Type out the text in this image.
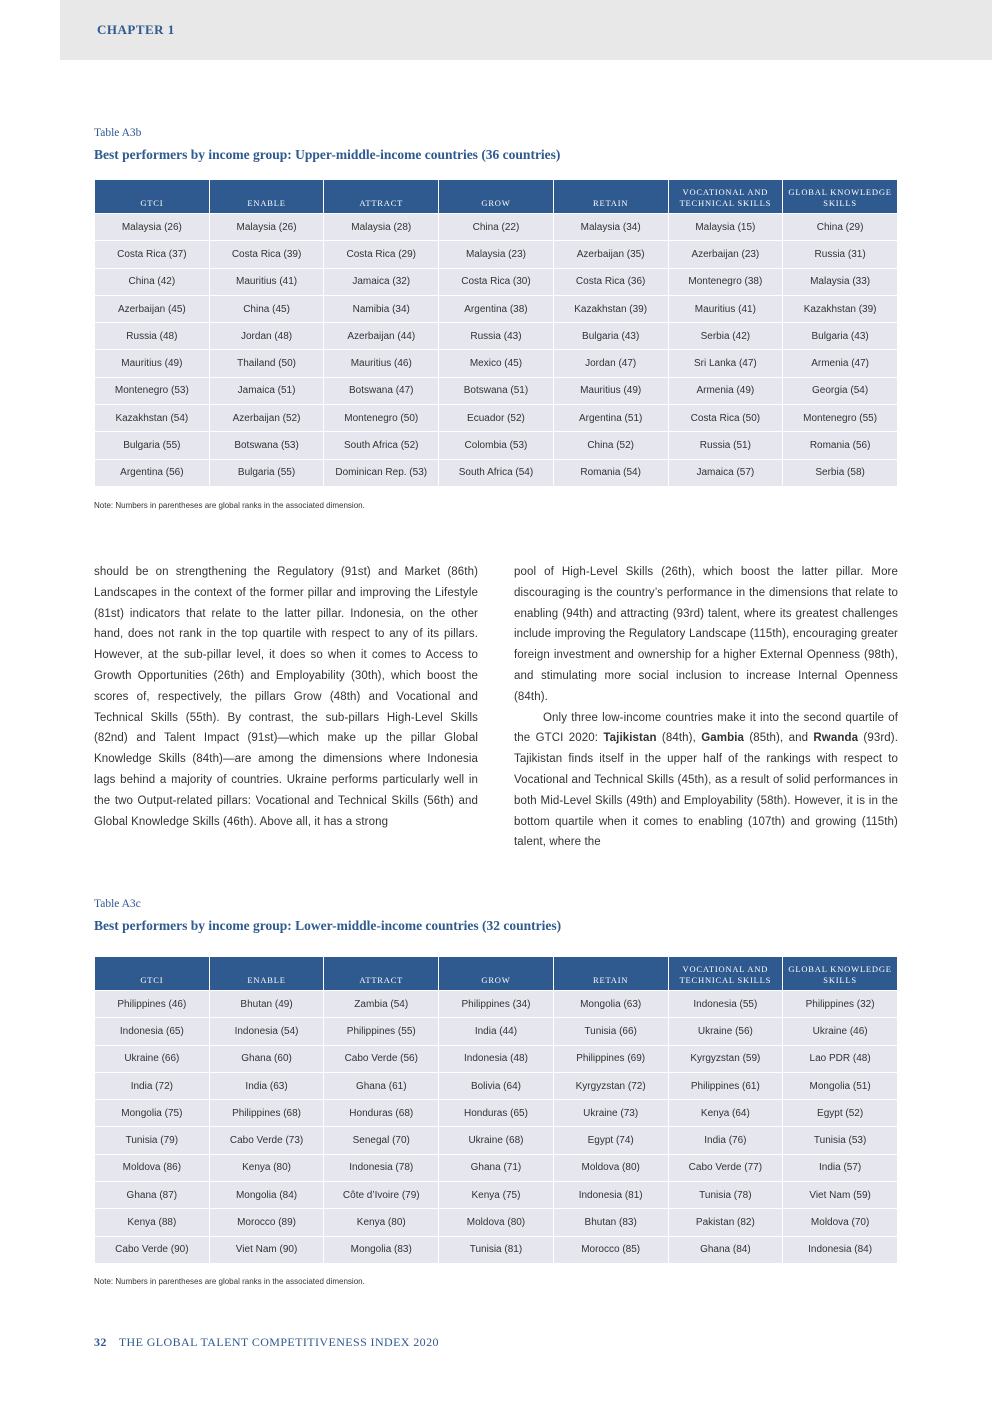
CHAPTER 1
Table A3b
Best performers by income group: Upper-middle-income countries (36 countries)
GTCI	ENABLE	ATTRACT	GROW	RETAIN	VOCATIONAL AND TECHNICAL SKILLS	GLOBAL KNOWLEDGE SKILLS
Malaysia (26)	Malaysia (26)	Malaysia (28)	China (22)	Malaysia (34)	Malaysia (15)	China (29)
Costa Rica (37)	Costa Rica (39)	Costa Rica (29)	Malaysia (23)	Azerbaijan (35)	Azerbaijan (23)	Russia (31)
China (42)	Mauritius (41)	Jamaica (32)	Costa Rica (30)	Costa Rica (36)	Montenegro (38)	Malaysia (33)
Azerbaijan (45)	China (45)	Namibia (34)	Argentina (38)	Kazakhstan (39)	Mauritius (41)	Kazakhstan (39)
Russia (48)	Jordan (48)	Azerbaijan (44)	Russia (43)	Bulgaria (43)	Serbia (42)	Bulgaria (43)
Mauritius (49)	Thailand (50)	Mauritius (46)	Mexico (45)	Jordan (47)	Sri Lanka (47)	Armenia (47)
Montenegro (53)	Jamaica (51)	Botswana (47)	Botswana (51)	Mauritius (49)	Armenia (49)	Georgia (54)
Kazakhstan (54)	Azerbaijan (52)	Montenegro (50)	Ecuador (52)	Argentina (51)	Costa Rica (50)	Montenegro (55)
Bulgaria (55)	Botswana (53)	South Africa (52)	Colombia (53)	China (52)	Russia (51)	Romania (56)
Argentina (56)	Bulgaria (55)	Dominican Rep. (53)	South Africa (54)	Romania (54)	Jamaica (57)	Serbia (58)
Note: Numbers in parentheses are global ranks in the associated dimension.

should be on strengthening the Regulatory (91st) and Market (86th) Landscapes in the context of the former pillar and improving the Lifestyle (81st) indicators that relate to the latter pillar. Indonesia, on the other hand, does not rank in the top quartile with respect to any of its pillars. However, at the sub-pillar level, it does so when it comes to Access to Growth Opportunities (26th) and Employability (30th), which boost the scores of, respectively, the pillars Grow (48th) and Vocational and Technical Skills (55th). By contrast, the sub-pillars High-Level Skills (82nd) and Talent Impact (91st)—which make up the pillar Global Knowledge Skills (84th)—are among the dimensions where Indonesia lags behind a majority of countries. Ukraine performs particularly well in the two Output-related pillars: Vocational and Technical Skills (56th) and Global Knowledge Skills (46th). Above all, it has a strong

pool of High-Level Skills (26th), which boost the latter pillar. More discouraging is the country’s performance in the dimensions that relate to enabling (94th) and attracting (93rd) talent, where its greatest challenges include improving the Regulatory Landscape (115th), encouraging greater foreign investment and ownership for a higher External Openness (98th), and stimulating more social inclusion to increase Internal Openness (84th).

Only three low-income countries make it into the second quartile of the GTCI 2020: Tajikistan (84th), Gambia (85th), and Rwanda (93rd). Tajikistan finds itself in the upper half of the rankings with respect to Vocational and Technical Skills (45th), as a result of solid performances in both Mid-Level Skills (49th) and Employability (58th). However, it is in the bottom quartile when it comes to enabling (107th) and growing (115th) talent, where the

Table A3c
Best performers by income group: Lower-middle-income countries (32 countries)
GTCI	ENABLE	ATTRACT	GROW	RETAIN	VOCATIONAL AND TECHNICAL SKILLS	GLOBAL KNOWLEDGE SKILLS
Philippines (46)	Bhutan (49)	Zambia (54)	Philippines (34)	Mongolia (63)	Indonesia (55)	Philippines (32)
Indonesia (65)	Indonesia (54)	Philippines (55)	India (44)	Tunisia (66)	Ukraine (56)	Ukraine (46)
Ukraine (66)	Ghana (60)	Cabo Verde (56)	Indonesia (48)	Philippines (69)	Kyrgyzstan (59)	Lao PDR (48)
India (72)	India (63)	Ghana (61)	Bolivia (64)	Kyrgyzstan (72)	Philippines (61)	Mongolia (51)
Mongolia (75)	Philippines (68)	Honduras (68)	Honduras (65)	Ukraine (73)	Kenya (64)	Egypt (52)
Tunisia (79)	Cabo Verde (73)	Senegal (70)	Ukraine (68)	Egypt (74)	India (76)	Tunisia (53)
Moldova (86)	Kenya (80)	Indonesia (78)	Ghana (71)	Moldova (80)	Cabo Verde (77)	India (57)
Ghana (87)	Mongolia (84)	Côte d’Ivoire (79)	Kenya (75)	Indonesia (81)	Tunisia (78)	Viet Nam (59)
Kenya (88)	Morocco (89)	Kenya (80)	Moldova (80)	Bhutan (83)	Pakistan (82)	Moldova (70)
Cabo Verde (90)	Viet Nam (90)	Mongolia (83)	Tunisia (81)	Morocco (85)	Ghana (84)	Indonesia (84)
Note: Numbers in parentheses are global ranks in the associated dimension.
32 THE GLOBAL TALENT COMPETITIVENESS INDEX 2020
